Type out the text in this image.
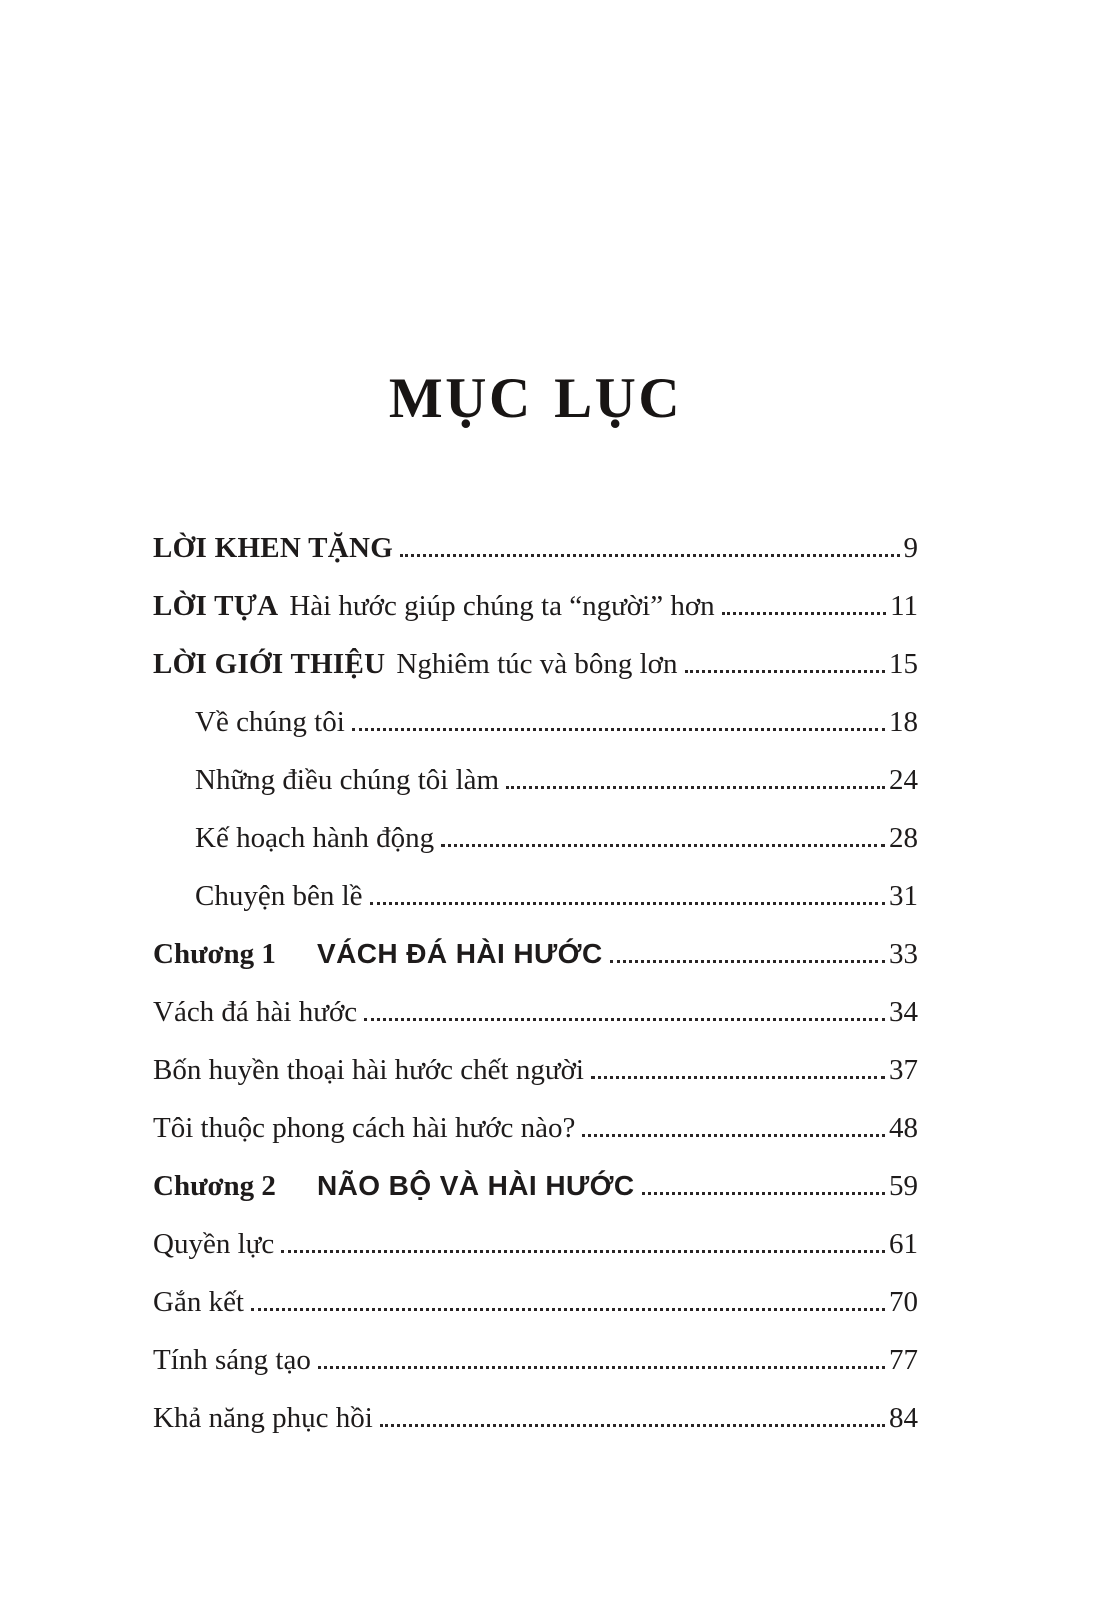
MỤC LỤC
LỜI KHEN TẶNG	9
LỜI TỰA Hài hước giúp chúng ta “người” hơn	11
LỜI GIỚI THIỆU Nghiêm túc và bông lơn	15
Về chúng tôi	18
Những điều chúng tôi làm	24
Kế hoạch hành động	28
Chuyện bên lề	31
Chương 1	VÁCH ĐÁ HÀI HƯỚC	33
Vách đá hài hước	34
Bốn huyền thoại hài hước chết người	37
Tôi thuộc phong cách hài hước nào?	48
Chương 2	NÃO BỘ VÀ HÀI HƯỚC	59
Quyền lực	61
Gắn kết	70
Tính sáng tạo	77
Khả năng phục hồi	84
